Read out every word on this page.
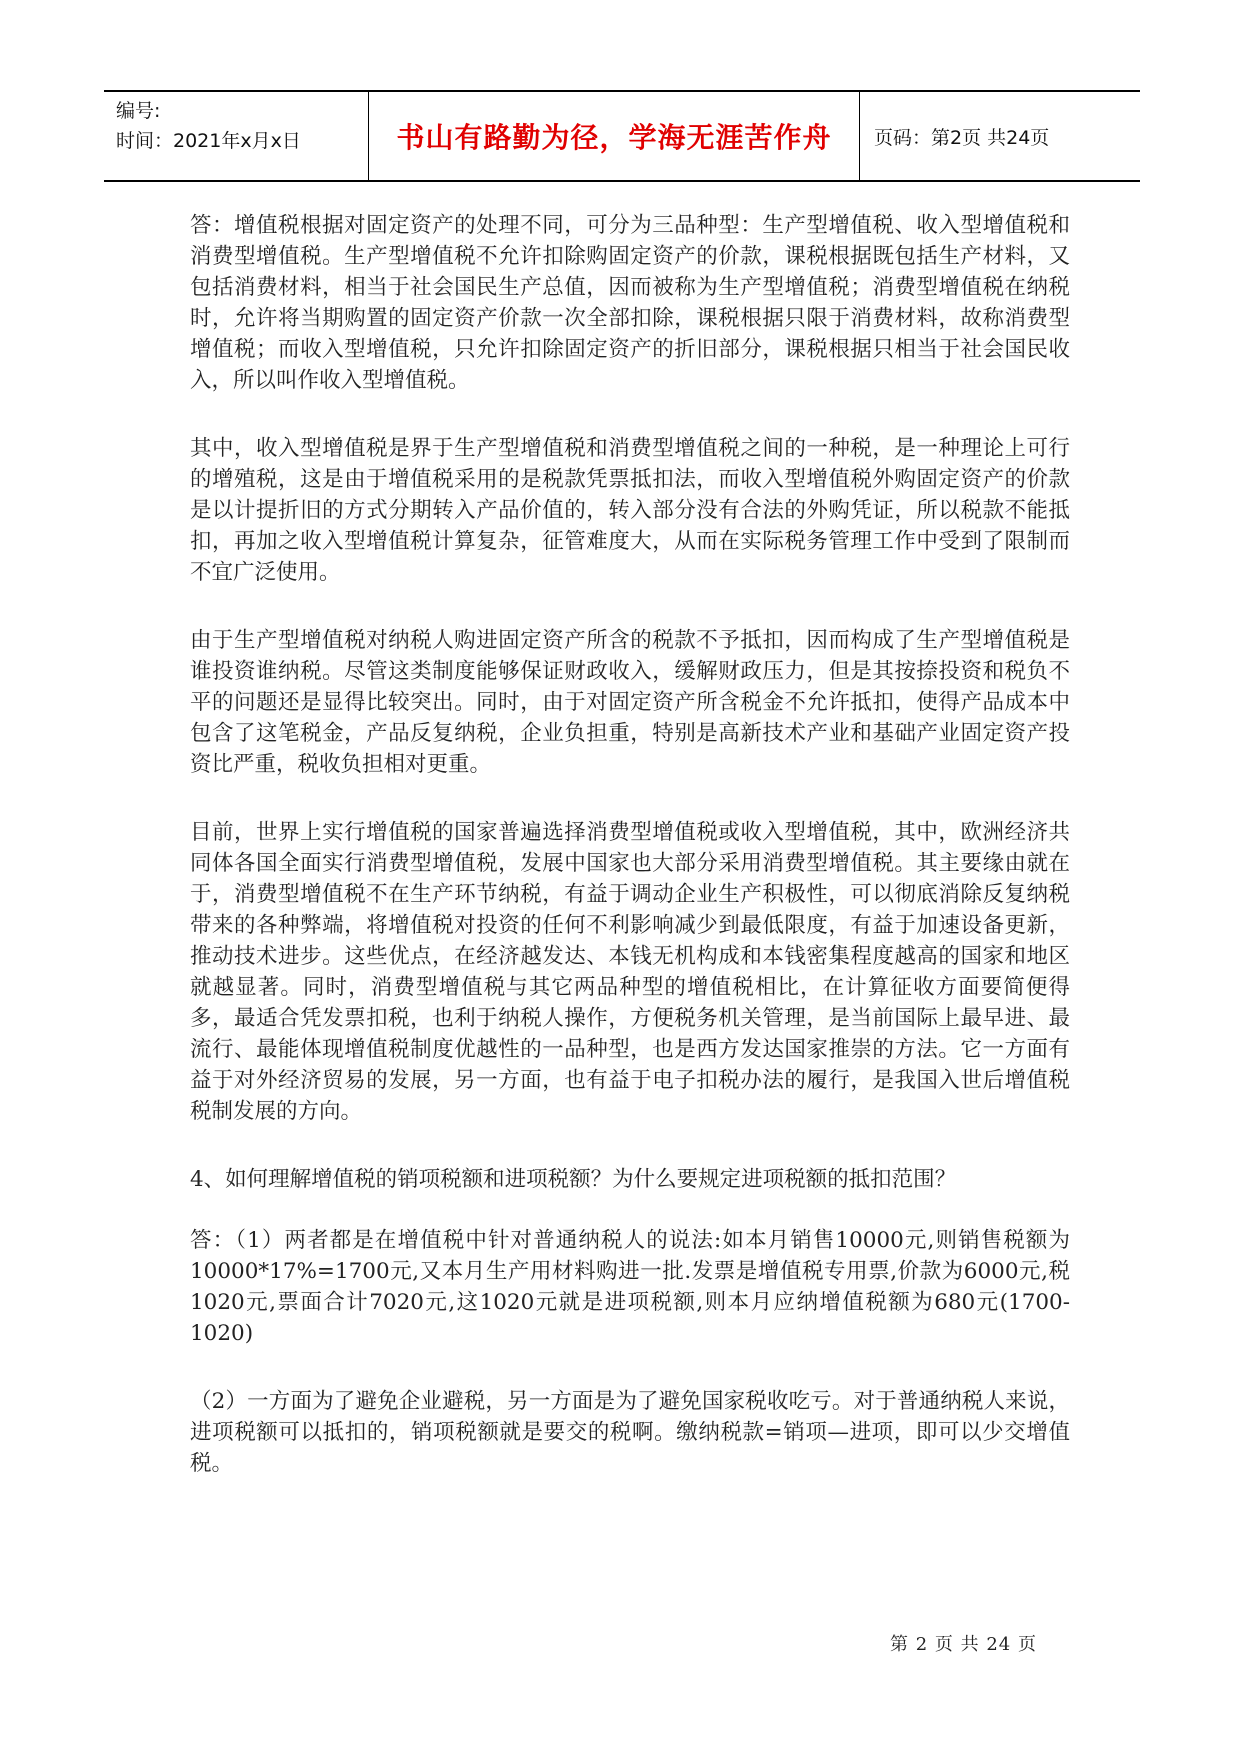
编号:
时间：2021年x月x日	书山有路勤为径，学海无涯苦作舟	页码：第2页 共24页

答：增值税根据对固定资产的处理不同，可分为三品种型：生产型增值税、收入型增值税和消费型增值税。生产型增值税不允许扣除购固定资产的价款，课税根据既包括生产材料，又包括消费材料，相当于社会国民生产总值，因而被称为生产型增值税；消费型增值税在纳税时，允许将当期购置的固定资产价款一次全部扣除，课税根据只限于消费材料，故称消费型增值税；而收入型增值税，只允许扣除固定资产的折旧部分，课税根据只相当于社会国民收入，所以叫作收入型增值税。

其中，收入型增值税是界于生产型增值税和消费型增值税之间的一种税，是一种理论上可行的增殖税，这是由于增值税采用的是税款凭票抵扣法，而收入型增值税外购固定资产的价款是以计提折旧的方式分期转入产品价值的，转入部分没有合法的外购凭证，所以税款不能抵扣，再加之收入型增值税计算复杂，征管难度大，从而在实际税务管理工作中受到了限制而不宜广泛使用。

由于生产型增值税对纳税人购进固定资产所含的税款不予抵扣，因而构成了生产型增值税是谁投资谁纳税。尽管这类制度能够保证财政收入，缓解财政压力，但是其按捺投资和税负不平的问题还是显得比较突出。同时，由于对固定资产所含税金不允许抵扣，使得产品成本中包含了这笔税金，产品反复纳税，企业负担重，特别是高新技术产业和基础产业固定资产投资比严重，税收负担相对更重。

目前，世界上实行增值税的国家普遍选择消费型增值税或收入型增值税，其中，欧洲经济共同体各国全面实行消费型增值税，发展中国家也大部分采用消费型增值税。其主要缘由就在于，消费型增值税不在生产环节纳税，有益于调动企业生产积极性，可以彻底消除反复纳税带来的各种弊端，将增值税对投资的任何不利影响减少到最低限度，有益于加速设备更新，推动技术进步。这些优点，在经济越发达、本钱无机构成和本钱密集程度越高的国家和地区就越显著。同时，消费型增值税与其它两品种型的增值税相比，在计算征收方面要简便得多，最适合凭发票扣税，也利于纳税人操作，方便税务机关管理，是当前国际上最早进、最流行、最能体现增值税制度优越性的一品种型，也是西方发达国家推崇的方法。它一方面有益于对外经济贸易的发展，另一方面，也有益于电子扣税办法的履行，是我国入世后增值税税制发展的方向。

4、如何理解增值税的销项税额和进项税额？为什么要规定进项税额的抵扣范围？

答：（1）两者都是在增值税中针对普通纳税人的说法:如本月销售10000元,则销售税额为10000*17%=1700元,又本月生产用材料购进一批.发票是增值税专用票,价款为6000元,税1020元,票面合计7020元,这1020元就是进项税额,则本月应纳增值税额为680元(1700-1020)

（2）一方面为了避免企业避税，另一方面是为了避免国家税收吃亏。对于普通纳税人来说，进项税额可以抵扣的，销项税额就是要交的税啊。缴纳税款=销项—进项，即可以少交增值税。

第 2 页 共 24 页
